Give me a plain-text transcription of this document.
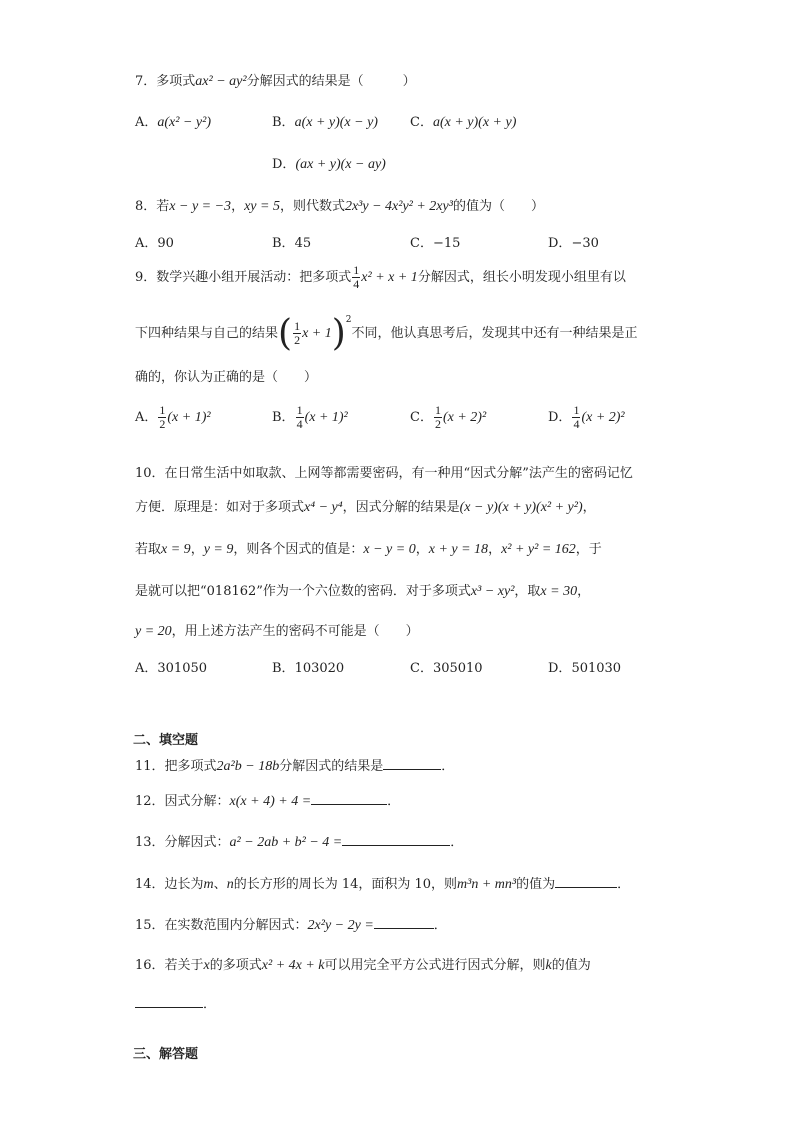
7．多项式ax² − ay²分解因式的结果是（　　　）
A．a(x² − y²)	B．a(x + y)(x − y) C．a(x + y)(x + y)
D．(ax + y)(x − ay)
8．若x − y = −3，xy = 5，则代数式2x³y − 4x²y² + 2xy³的值为（　　）
A．90	B．45	C．−15	D．−30
9．数学兴趣小组开展活动：把多项式 $\frac{1}{4} x^2 + x + 1$分解因式，组长小明发现小组里有以
下四种结果与自己的结果( $\frac{1}{2}$ x + 1)$^2$不同，他认真思考后，发现其中还有一种结果是正
确的，你认为正确的是（　　）
A． $\frac{1}{2} (x + 1)^2$	B． $\frac{1}{4} (x + 1)^2$	C． $\frac{1}{2} (x + 2)^2$	D． $\frac{1}{4} (x + 2)^2$
10．在日常生活中如取款、上网等都需要密码，有一种用“因式分解”法产生的密码记忆
方便．原理是：如对于多项式x⁴ − y⁴，因式分解的结果是(x − y)(x + y)(x² + y²)，
若取x = 9，y = 9，则各个因式的值是：x − y = 0，x + y = 18，x² + y² = 162，于
是就可以把“018162”作为一个六位数的密码．对于多项式x³ − xy²，取x = 30，
y = 20，用上述方法产生的密码不可能是（　　）
A．301050	B．103020	C．305010	D．501030
二、填空题
11．把多项式2a²b − 18b分解因式的结果是	．
12．因式分解：x(x + 4) + 4 =	．
13．分解因式：a² − 2ab + b² − 4 =	．
14．边长为m、n的长方形的周长为 14，面积为 10，则m³n + mn³的值为	．
15．在实数范围内分解因式：2x²y − 2y =	．
16．若关于x的多项式x² + 4x + k可以用完全平方公式进行因式分解，则k的值为
．
三、解答题
